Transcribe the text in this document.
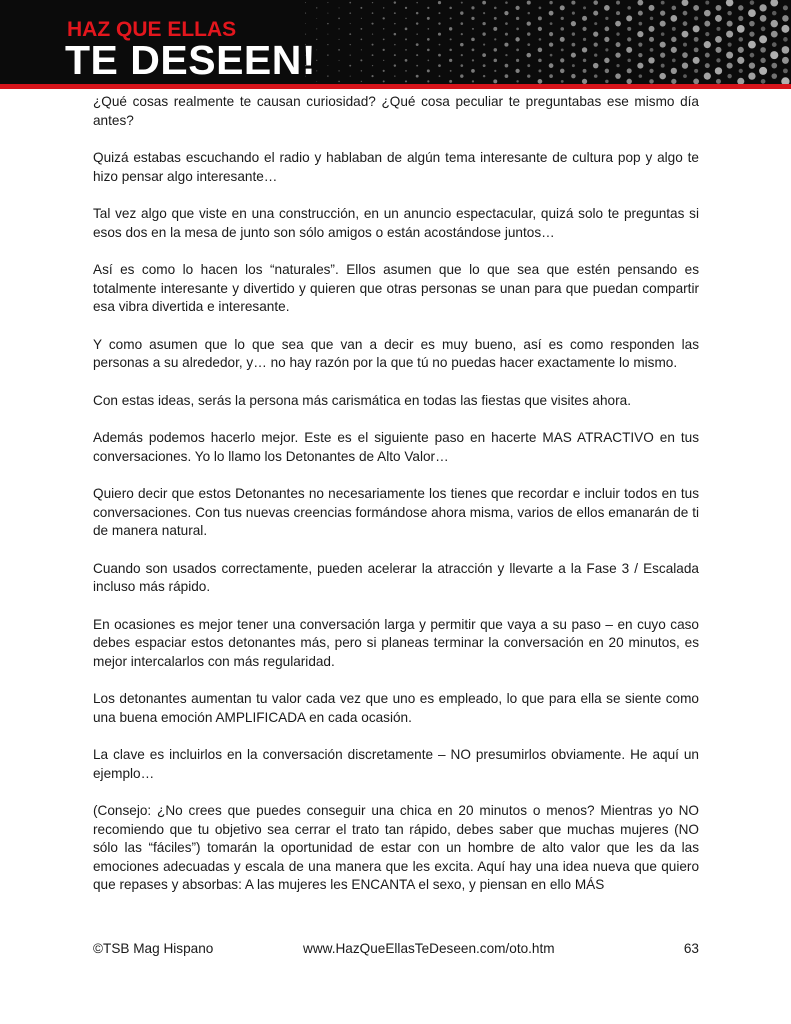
HAZ QUE ELLAS
TE DESEEN!

¿Qué cosas realmente te causan curiosidad? ¿Qué cosa peculiar te preguntabas ese mismo día antes?

Quizá estabas escuchando el radio y hablaban de algún tema interesante de cultura pop y algo te hizo pensar algo interesante…

Tal vez algo que viste en una construcción, en un anuncio espectacular, quizá solo te preguntas si esos dos en la mesa de junto son sólo amigos o están acostándose juntos…

Así es como lo hacen los “naturales”. Ellos asumen que lo que sea que estén pensando es totalmente interesante y divertido y quieren que otras personas se unan para que puedan compartir esa vibra divertida e interesante.

Y como asumen que lo que sea que van a decir es muy bueno, así es como responden las personas a su alrededor, y… no hay razón por la que tú no puedas hacer exactamente lo mismo.

Con estas ideas, serás la persona más carismática en todas las fiestas que visites ahora.

Además podemos hacerlo mejor. Este es el siguiente paso en hacerte MAS ATRACTIVO en tus conversaciones. Yo lo llamo los Detonantes de Alto Valor…

Quiero decir que estos Detonantes no necesariamente los tienes que recordar e incluir todos en tus conversaciones. Con tus nuevas creencias formándose ahora misma, varios de ellos emanarán de ti de manera natural.

Cuando son usados correctamente, pueden acelerar la atracción y llevarte a la Fase 3 / Escalada incluso más rápido.

En ocasiones es mejor tener una conversación larga y permitir que vaya a su paso – en cuyo caso debes espaciar estos detonantes más, pero si planeas terminar la conversación en 20 minutos, es mejor intercalarlos con más regularidad.

Los detonantes aumentan tu valor cada vez que uno es empleado, lo que para ella se siente como una buena emoción AMPLIFICADA en cada ocasión.

La clave es incluirlos en la conversación discretamente – NO presumirlos obviamente. He aquí un ejemplo…

(Consejo: ¿No crees que puedes conseguir una chica en 20 minutos o menos? Mientras yo NO recomiendo que tu objetivo sea cerrar el trato tan rápido, debes saber que muchas mujeres (NO sólo las “fáciles”) tomarán la oportunidad de estar con un hombre de alto valor que les da las emociones adecuadas y escala de una manera que les excita. Aquí hay una idea nueva que quiero que repases y absorbas: A las mujeres les ENCANTA el sexo, y piensan en ello MÁS

©TSB Mag Hispano	www.HazQueEllasTeDeseen.com/oto.htm	63
